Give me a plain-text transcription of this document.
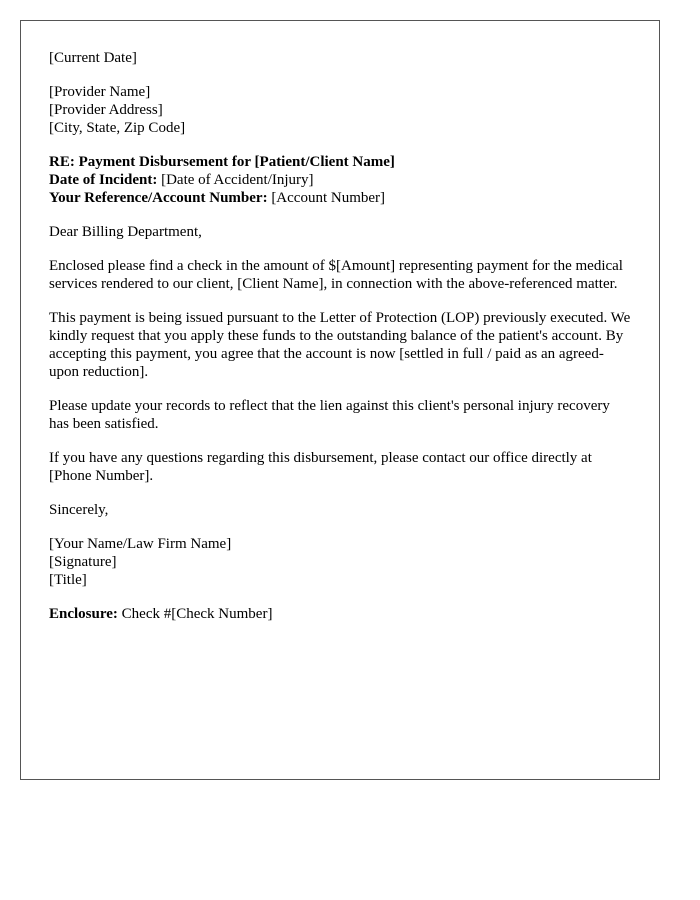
[Current Date]
[Provider Name]
[Provider Address]
[City, State, Zip Code]
RE: Payment Disbursement for [Patient/Client Name]
Date of Incident: [Date of Accident/Injury]
Your Reference/Account Number: [Account Number]

Dear Billing Department,

Enclosed please find a check in the amount of $[Amount] representing payment for the medical services rendered to our client, [Client Name], in connection with the above-referenced matter.

This payment is being issued pursuant to the Letter of Protection (LOP) previously executed. We kindly request that you apply these funds to the outstanding balance of the patient's account. By accepting this payment, you agree that the account is now [settled in full / paid as an agreed-upon reduction].

Please update your records to reflect that the lien against this client's personal injury recovery has been satisfied.

If you have any questions regarding this disbursement, please contact our office directly at [Phone Number].

Sincerely,

[Your Name/Law Firm Name]
[Signature]
[Title]
Enclosure: Check #[Check Number]
